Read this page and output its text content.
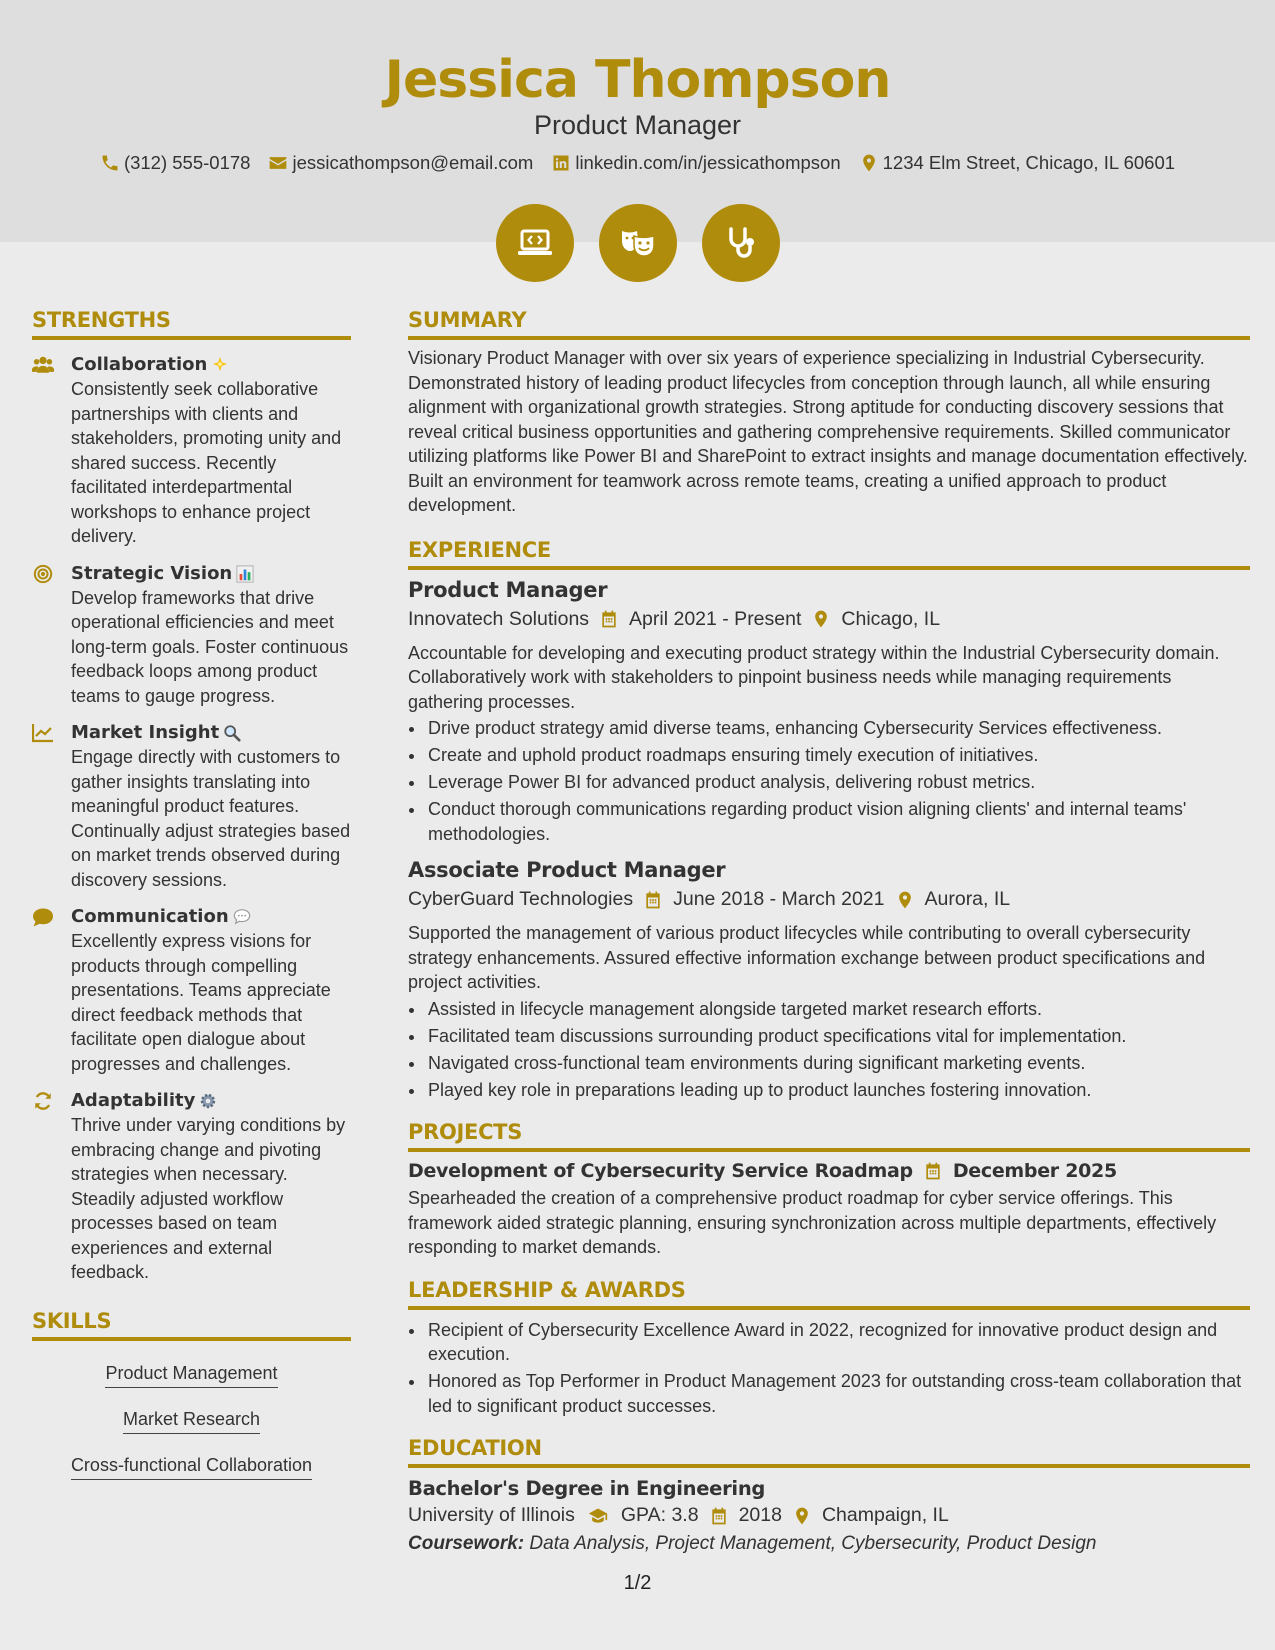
Jessica Thompson
Product Manager
(312) 555-0178 jessicathompson@email.com linkedin.com/in/jessicathompson 1234 Elm Street, Chicago, IL 60601
STRENGTHS
Collaboration

Consistently seek collaborative partnerships with clients and stakeholders, promoting unity and shared success. Recently facilitated interdepartmental workshops to enhance project delivery.

Strategic Vision

Develop frameworks that drive operational efficiencies and meet long-term goals. Foster continuous feedback loops among product teams to gauge progress.

Market Insight

Engage directly with customers to gather insights translating into meaningful product features. Continually adjust strategies based on market trends observed during discovery sessions.

Communication

Excellently express visions for products through compelling presentations. Teams appreciate direct feedback methods that facilitate open dialogue about progresses and challenges.

Adaptability

Thrive under varying conditions by embracing change and pivoting strategies when necessary. Steadily adjusted workflow processes based on team experiences and external feedback.

SKILLS
Product Management
Market Research
Cross-functional Collaboration
SUMMARY

Visionary Product Manager with over six years of experience specializing in Industrial Cybersecurity. Demonstrated history of leading product lifecycles from conception through launch, all while ensuring alignment with organizational growth strategies. Strong aptitude for conducting discovery sessions that reveal critical business opportunities and gathering comprehensive requirements. Skilled communicator utilizing platforms like Power BI and SharePoint to extract insights and manage documentation effectively. Built an environment for teamwork across remote teams, creating a unified approach to product development.

EXPERIENCE
Product Manager
Innovatech Solutions April 2021 - Present Chicago, IL

Accountable for developing and executing product strategy within the Industrial Cybersecurity domain. Collaboratively work with stakeholders to pinpoint business needs while managing requirements gathering processes.

• Drive product strategy amid diverse teams, enhancing Cybersecurity Services effectiveness.
• Create and uphold product roadmaps ensuring timely execution of initiatives.
• Leverage Power BI for advanced product analysis, delivering robust metrics.
• Conduct thorough communications regarding product vision aligning clients' and internal teams' methodologies.
Associate Product Manager
CyberGuard Technologies June 2018 - March 2021 Aurora, IL

Supported the management of various product lifecycles while contributing to overall cybersecurity strategy enhancements. Assured effective information exchange between product specifications and project activities.

• Assisted in lifecycle management alongside targeted market research efforts.
• Facilitated team discussions surrounding product specifications vital for implementation.
• Navigated cross-functional team environments during significant marketing events.
• Played key role in preparations leading up to product launches fostering innovation.
PROJECTS
Development of Cybersecurity Service Roadmap December 2025

Spearheaded the creation of a comprehensive product roadmap for cyber service offerings. This framework aided strategic planning, ensuring synchronization across multiple departments, effectively responding to market demands.

LEADERSHIP & AWARDS
• Recipient of Cybersecurity Excellence Award in 2022, recognized for innovative product design and execution.
• Honored as Top Performer in Product Management 2023 for outstanding cross-team collaboration that led to significant product successes.
EDUCATION
Bachelor's Degree in Engineering
University of Illinois GPA: 3.8 2018 Champaign, IL
Coursework: Data Analysis, Project Management, Cybersecurity, Product Design
1/2
